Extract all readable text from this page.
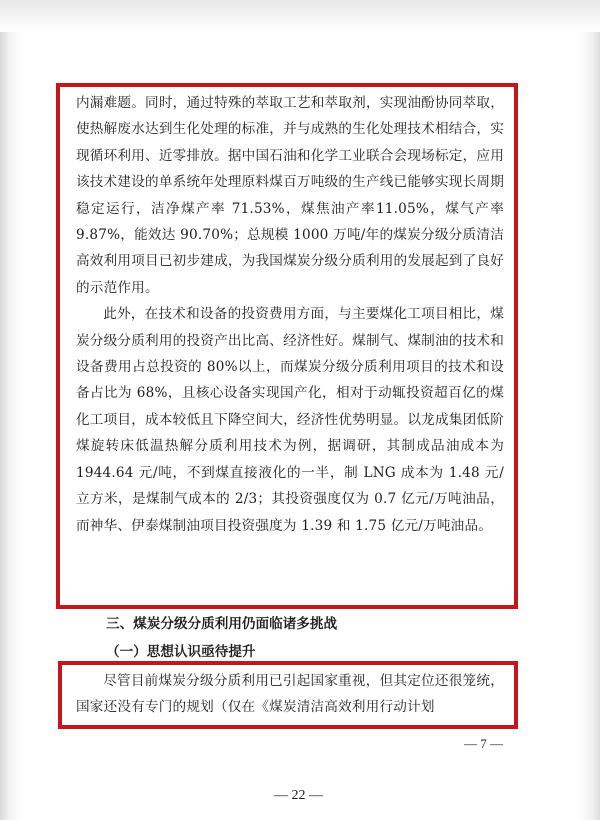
内漏难题。同时，通过特殊的萃取工艺和萃取剂，实现油酚协同萃取，使热解废水达到生化处理的标准，并与成熟的生化处理技术相结合，实现循环利用、近零排放。据中国石油和化学工业联合会现场标定，应用该技术建设的单系统年处理原料煤百万吨级的生产线已能够实现长周期稳定运行，洁净煤产率 71.53%，煤焦油产率11.05%，煤气产率 9.87%，能效达 90.70%；总规模 1000 万吨/年的煤炭分级分质清洁高效利用项目已初步建成，为我国煤炭分级分质利用的发展起到了良好的示范作用。

此外，在技术和设备的投资费用方面，与主要煤化工项目相比，煤炭分级分质利用的投资产出比高、经济性好。煤制气、煤制油的技术和设备费用占总投资的 80%以上，而煤炭分级分质利用项目的技术和设备占比为 68%，且核心设备实现国产化，相对于动辄投资超百亿的煤化工项目，成本较低且下降空间大，经济性优势明显。以龙成集团低阶煤旋转床低温热解分质利用技术为例，据调研，其制成品油成本为 1944.64 元/吨，不到煤直接液化的一半，制 LNG 成本为 1.48 元/立方米，是煤制气成本的 2/3；其投资强度仅为 0.7 亿元/万吨油品，而神华、伊泰煤制油项目投资强度为 1.39 和 1.75 亿元/万吨油品。

三、煤炭分级分质利用仍面临诸多挑战
（一）思想认识亟待提升

尽管目前煤炭分级分质利用已引起国家重视，但其定位还很笼统，国家还没有专门的规划（仅在《煤炭清洁高效利用行动计划

— 7 —
— 22 —
